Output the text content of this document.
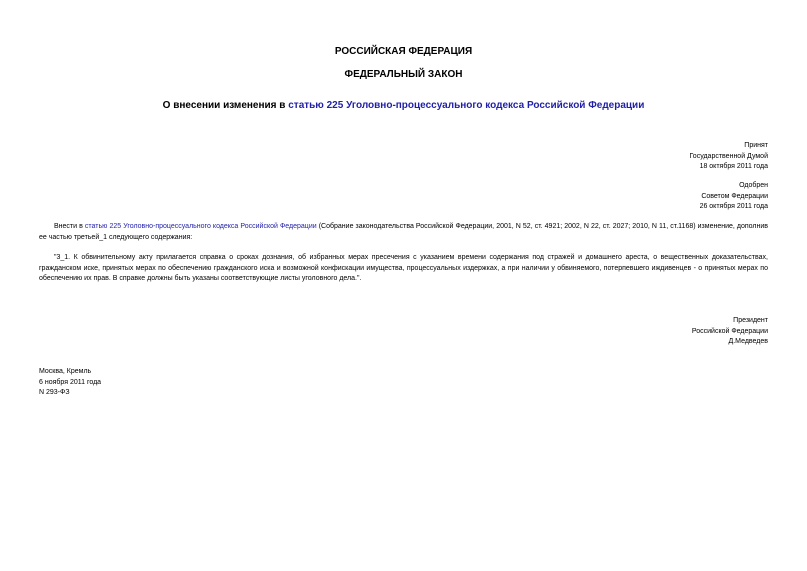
РОССИЙСКАЯ ФЕДЕРАЦИЯ
ФЕДЕРАЛЬНЫЙ ЗАКОН
О внесении изменения в статью 225 Уголовно-процессуального кодекса Российской Федерации
Принят
Государственной Думой
18 октября 2011 года
Одобрен
Советом Федерации
26 октября 2011 года
Внести в статью 225 Уголовно-процессуального кодекса Российской Федерации (Собрание законодательства Российской Федерации, 2001, N 52, ст. 4921; 2002, N 22, ст. 2027; 2010, N 11, ст.1168) изменение, дополнив ее частью третьей_1 следующего содержания:
"3_1. К обвинительному акту прилагается справка о сроках дознания, об избранных мерах пресечения с указанием времени содержания под стражей и домашнего ареста, о вещественных доказательствах, гражданском иске, принятых мерах по обеспечению гражданского иска и возможной конфискации имущества, процессуальных издержках, а при наличии у обвиняемого, потерпевшего иждивенцев - о принятых мерах по обеспечению их прав. В справке должны быть указаны соответствующие листы уголовного дела.".
Президент
Российской Федерации
Д.Медведев
Москва, Кремль
6 ноября 2011 года
N 293-ФЗ
